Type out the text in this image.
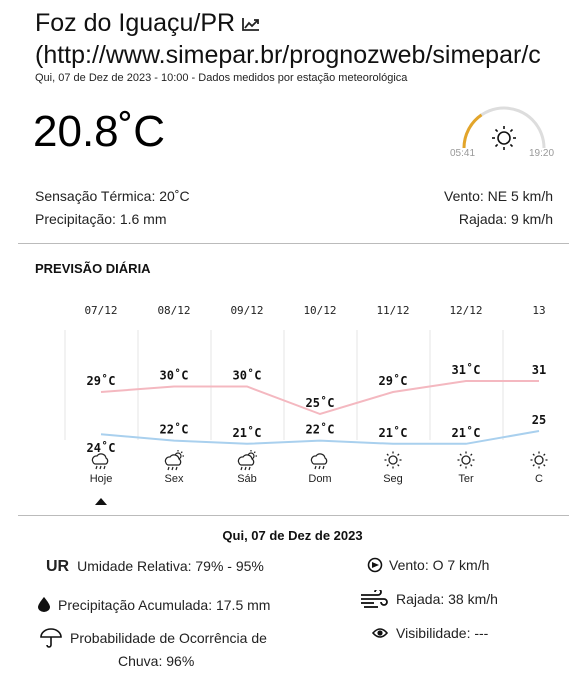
Foz do Iguaçu/PR
(http://www.simepar.br/prognozweb/simepar/c
Qui, 07 de Dez de 2023 - 10:00 - Dados medidos por estação meteorológica
20.8˚C	05:41	19:20
Sensação Térmica: 20˚C
Precipitação: 1.6 mm
Vento: NE 5 km/h
Rajada: 9 km/h
PREVISÃO DIÁRIA
07/12
29˚C
24˚C
Hoje
08/12
30˚C
22˚C
Sex
09/12
30˚C
21˚C
Sáb
10/12
25˚C
22˚C
Dom
11/12
29˚C
21˚C
Seg
12/12
31˚C
21˚C
Ter
13
31
25
C
Qui, 07 de Dez de 2023
UR Umidade Relativa: 79% - 95%
Precipitação Acumulada: 17.5 mm
Probabilidade de Ocorrência de
Chuva: 96%
Vento: O 7 km/h
Rajada: 38 km/h
Visibilidade: ---
